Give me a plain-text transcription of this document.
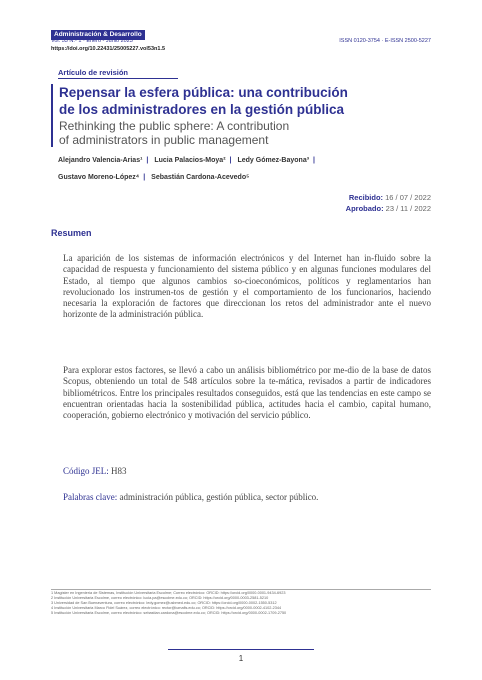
Administración & Desarrollo
Vol. 53 N.º 1 · Enero - Junio 2023	ISSN 0120-3754 · E-ISSN 2500-5227
https://doi.org/10.22431/25005227.vol53n1.5
Artículo de revisión
Repensar la esfera pública: una contribución
de los administradores en la gestión pública
Rethinking the public sphere: A contribution
of administrators in public management
Alejandro Valencia-Arias¹ | Lucia Palacios-Moya² | Ledy Gómez-Bayona³ |
Gustavo Moreno-López⁴ | Sebastián Cardona-Acevedo⁵
Recibido: 16 / 07 / 2022
Aprobado: 23 / 11 / 2022
Resumen
La aparición de los sistemas de información electrónicos y del Internet han in-fluido sobre la capacidad de respuesta y funcionamiento del sistema público y en algunas funciones modulares del Estado, al tiempo que algunos cambios so-cioeconómicos, políticos y reglamentarios han revolucionado los instrumen-tos de gestión y el comportamiento de los funcionarios, haciendo necesaria la exploración de factores que direccionan los retos del administrador ante el nuevo horizonte de la administración pública.
Para explorar estos factores, se llevó a cabo un análisis bibliométrico por me-dio de la base de datos Scopus, obteniendo un total de 548 artículos sobre la te-mática, revisados a partir de indicadores bibliométricos. Entre los principales resultados conseguidos, está que las tendencias en este campo se encuentran orientadas hacia la sostenibilidad pública, actitudes hacia el cambio, capital humano, cooperación, gobierno electrónico y motivación del servicio público.
Código JEL: H83
Palabras clave: administración pública, gestión pública, sector público.
1 Magíster en Ingeniería de Sistemas, Institución Universitaria Escolme; Correo electrónico: ORCID: https://orcid.org/0000-0001-9434-6923
2 Institución Universitaria Escolme, correo electrónico: lucia.pa@escolme.edu.co; ORCID: https://orcid.org/0000-0003-2581-5210
3 Universidad de San Buenaventura, correo electrónico: ledy.gomez@usbmed.edu.co; ORCID: https://orcid.org/0000-0002-1550-5312
4 Institución Universitaria Marco Fidel Suárez, correo electrónico: rector@iumafis.edu.co; ORCID: https://orcid.org/0000-0002-4102-2344
5 Institución Universitaria Escolme, correo electrónico: sebastian.cardona@escolme.edu.co; ORCID: https://orcid.org/0000-0002-1709-2750
1
